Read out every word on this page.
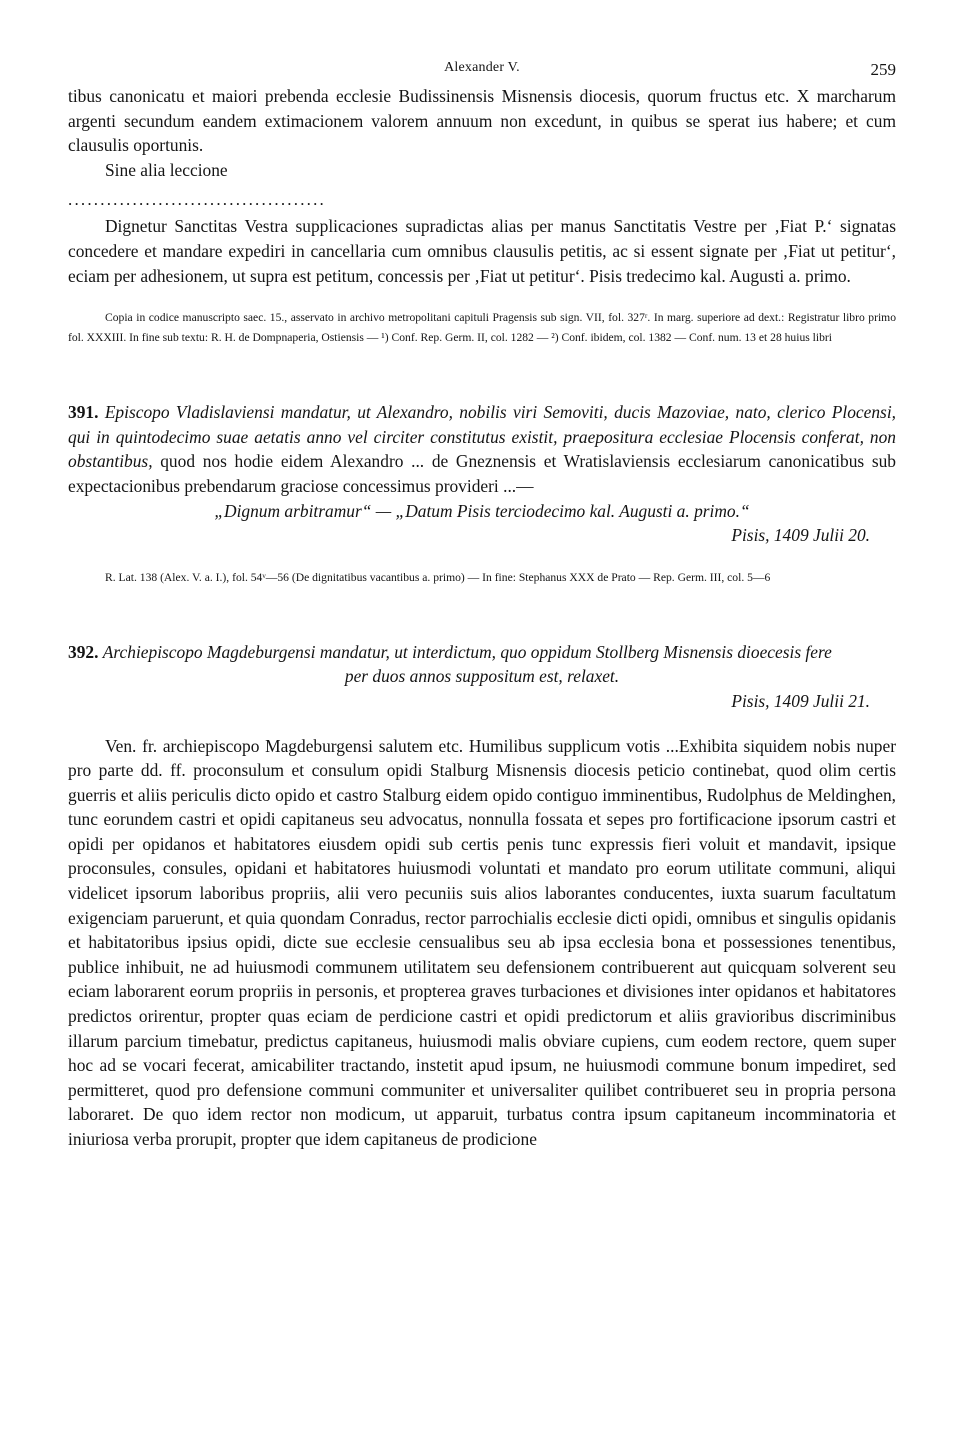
Alexander V.	259

tibus canonicatu et maiori prebenda ecclesie Budissinensis Misnensis diocesis, quorum fructus etc. X marcharum argenti secundum eandem extimacionem valorem annuum non excedunt, in quibus se sperat ius habere; et cum clausulis oportunis.

Sine alia leccione

........................................

Dignetur Sanctitas Vestra supplicaciones supradictas alias per manus Sanctitatis Vestre per ‚Fiat P.‘ signatas concedere et mandare expediri in cancellaria cum omnibus clausulis petitis, ac si essent signate per ‚Fiat ut petitur‘, eciam per adhesionem, ut supra est petitum, concessis per ‚Fiat ut petitur‘. Pisis tredecimo kal. Augusti a. primo.

Copia in codice manuscripto saec. 15., asservato in archivo metropolitani capituli Pragensis sub sign. VII, fol. 327ʳ. In marg. superiore ad dext.: Registratur libro primo fol. XXXIII. In fine sub textu: R. H. de Dompnaperia, Ostiensis — ¹) Conf. Rep. Germ. II, col. 1282 — ²) Conf. ibidem, col. 1382 — Conf. num. 13 et 28 huius libri

391. Episcopo Vladislaviensi mandatur, ut Alexandro, nobilis viri Semoviti, ducis Mazoviae, nato, clerico Plocensi, qui in quintodecimo suae aetatis anno vel circiter constitutus existit, praepositura ecclesiae Plocensis conferat, non obstantibus, quod nos hodie eidem Alexandro ... de Gneznensis et Wratislaviensis ecclesiarum canonicatibus sub expectacionibus prebendarum graciose concessimus provideri ...—

„Dignum arbitramur“ — „Datum Pisis terciodecimo kal. Augusti a. primo.“

Pisis, 1409 Julii 20.

R. Lat. 138 (Alex. V. a. I.), fol. 54ᵛ—56 (De dignitatibus vacantibus a. primo) — In fine: Stephanus XXX de Prato — Rep. Germ. III, col. 5—6

392. Archiepiscopo Magdeburgensi mandatur, ut interdictum, quo oppidum Stollberg Misnensis dioecesis fere

per duos annos suppositum est, relaxet.

Pisis, 1409 Julii 21.

Ven. fr. archiepiscopo Magdeburgensi salutem etc. Humilibus supplicum votis ...Exhibita siquidem nobis nuper pro parte dd. ff. proconsulum et consulum opidi Stalburg Misnensis diocesis peticio continebat, quod olim certis guerris et aliis periculis dicto opido et castro Stalburg eidem opido contiguo imminentibus, Rudolphus de Meldinghen, tunc eorundem castri et opidi capitaneus seu advocatus, nonnulla fossata et sepes pro fortificacione ipsorum castri et opidi per opidanos et habitatores eiusdem opidi sub certis penis tunc expressis fieri voluit et mandavit, ipsique proconsules, consules, opidani et habitatores huiusmodi voluntati et mandato pro eorum utilitate communi, aliqui videlicet ipsorum laboribus propriis, alii vero pecuniis suis alios laborantes conducentes, iuxta suarum facultatum exigenciam paruerunt, et quia quondam Conradus, rector parrochialis ecclesie dicti opidi, omnibus et singulis opidanis et habitatoribus ipsius opidi, dicte sue ecclesie censualibus seu ab ipsa ecclesia bona et possessiones tenentibus, publice inhibuit, ne ad huiusmodi communem utilitatem seu defensionem contribuerent aut quicquam solverent seu eciam laborarent eorum propriis in personis, et propterea graves turbaciones et divisiones inter opidanos et habitatores predictos orirentur, propter quas eciam de perdicione castri et opidi predictorum et aliis gravioribus discriminibus illarum parcium timebatur, predictus capitaneus, huiusmodi malis obviare cupiens, cum eodem rectore, quem super hoc ad se vocari fecerat, amicabiliter tractando, instetit apud ipsum, ne huiusmodi commune bonum impediret, sed permitteret, quod pro defensione communi communiter et universaliter quilibet contribueret seu in propria persona laboraret. De quo idem rector non modicum, ut apparuit, turbatus contra ipsum capitaneum incomminatoria et iniuriosa verba prorupit, propter que idem capitaneus de prodicione
